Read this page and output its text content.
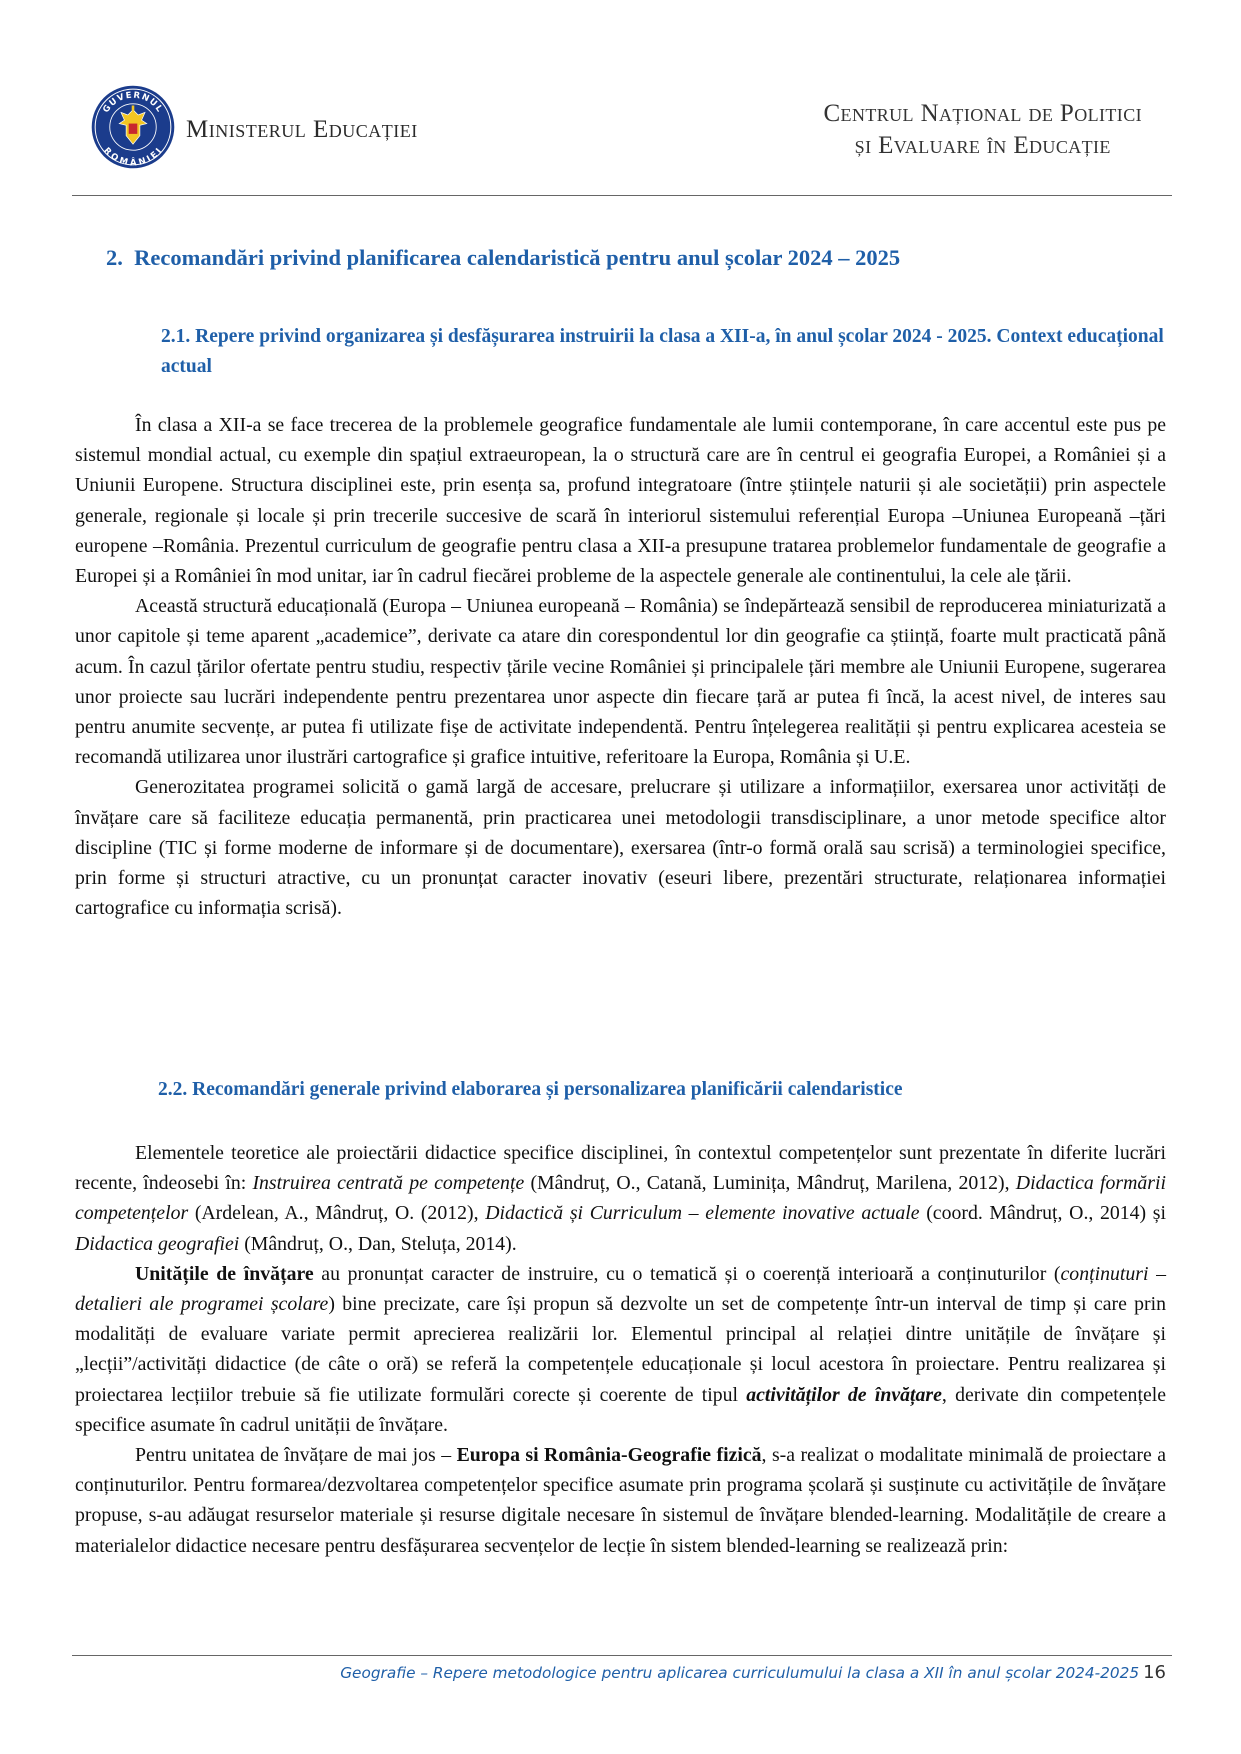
GUVERNUL
ROMÂNIEI
Ministerul Educației
Centrul Național de Politici
și Evaluare în Educație
2. Recomandări privind planificarea calendaristică pentru anul școlar 2024 – 2025
2.1. Repere privind organizarea și desfășurarea instruirii la clasa a XII-a, în anul școlar 2024 - 2025. Context educațional actual

În clasa a XII-a se face trecerea de la problemele geografice fundamentale ale lumii contemporane, în care accentul este pus pe sistemul mondial actual, cu exemple din spațiul extraeuropean, la o structură care are în centrul ei geografia Europei, a României și a Uniunii Europene. Structura disciplinei este, prin esența sa, profund integratoare (între științele naturii și ale societății) prin aspectele generale, regionale și locale și prin trecerile succesive de scară în interiorul sistemului referențial Europa –Uniunea Europeană –țări europene –România. Prezentul curriculum de geografie pentru clasa a XII-a presupune tratarea problemelor fundamentale de geografie a Europei și a României în mod unitar, iar în cadrul fiecărei probleme de la aspectele generale ale continentului, la cele ale țării.

Această structură educațională (Europa – Uniunea europeană – România) se îndepărtează sensibil de reproducerea miniaturizată a unor capitole și teme aparent „academice”, derivate ca atare din corespondentul lor din geografie ca știință, foarte mult practicată până acum. În cazul țărilor ofertate pentru studiu, respectiv țările vecine României și principalele țări membre ale Uniunii Europene, sugerarea unor proiecte sau lucrări independente pentru prezentarea unor aspecte din fiecare țară ar putea fi încă, la acest nivel, de interes sau pentru anumite secvențe, ar putea fi utilizate fișe de activitate independentă. Pentru înțelegerea realității și pentru explicarea acesteia se recomandă utilizarea unor ilustrări cartografice și grafice intuitive, referitoare la Europa, România și U.E.

Generozitatea programei solicită o gamă largă de accesare, prelucrare și utilizare a informațiilor, exersarea unor activități de învățare care să faciliteze educația permanentă, prin practicarea unei metodologii transdisciplinare, a unor metode specifice altor discipline (TIC și forme moderne de informare și de documentare), exersarea (într-o formă orală sau scrisă) a terminologiei specifice, prin forme și structuri atractive, cu un pronunțat caracter inovativ (eseuri libere, prezentări structurate, relaționarea informației cartografice cu informația scrisă).

2.2. Recomandări generale privind elaborarea și personalizarea planificării calendaristice

Elementele teoretice ale proiectării didactice specifice disciplinei, în contextul competențelor sunt prezentate în diferite lucrări recente, îndeosebi în: Instruirea centrată pe competențe (Mândruț, O., Catană, Luminița, Mândruț, Marilena, 2012), Didactica formării competențelor (Ardelean, A., Mândruț, O. (2012), Didactică și Curriculum – elemente inovative actuale (coord. Mândruț, O., 2014) și Didactica geografiei (Mândruț, O., Dan, Steluța, 2014).

Unitățile de învățare au pronunțat caracter de instruire, cu o tematică și o coerență interioară a conținuturilor (conținuturi – detalieri ale programei școlare) bine precizate, care își propun să dezvolte un set de competențe într-un interval de timp și care prin modalități de evaluare variate permit aprecierea realizării lor. Elementul principal al relației dintre unitățile de învățare și „lecții”/activități didactice (de câte o oră) se referă la competențele educaționale și locul acestora în proiectare. Pentru realizarea și proiectarea lecțiilor trebuie să fie utilizate formulări corecte și coerente de tipul activităților de învățare, derivate din competențele specifice asumate în cadrul unității de învățare.

Pentru unitatea de învățare de mai jos – Europa si România-Geografie fizică, s-a realizat o modalitate minimală de proiectare a conținuturilor. Pentru formarea/dezvoltarea competențelor specifice asumate prin programa școlară și susținute cu activitățile de învățare propuse, s-au adăugat resurselor materiale și resurse digitale necesare în sistemul de învățare blended-learning. Modalitățile de creare a materialelor didactice necesare pentru desfășurarea secvențelor de lecție în sistem blended-learning se realizează prin:

Geografie – Repere metodologice pentru aplicarea curriculumului la clasa a XII în anul școlar 2024-2025 16
